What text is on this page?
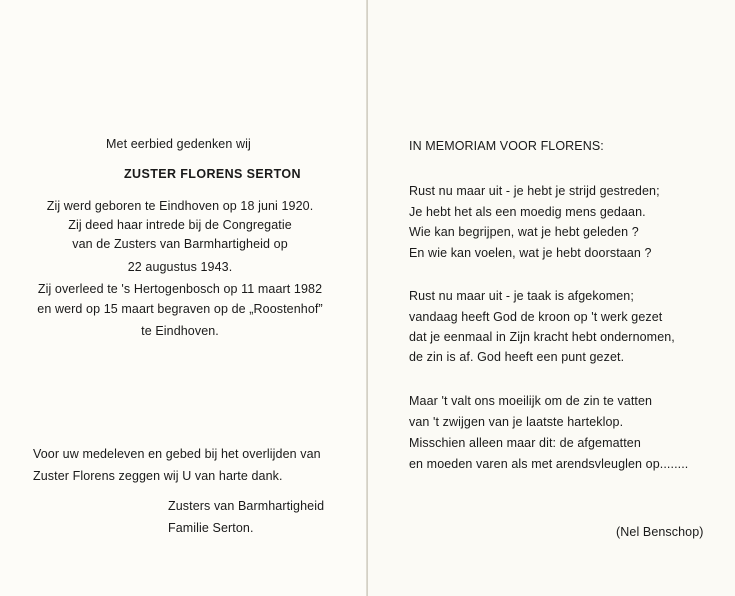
Met eerbied gedenken wij
ZUSTER FLORENS SERTON
Zij werd geboren te Eindhoven op 18 juni 1920.
Zij deed haar intrede bij de Congregatie
van de Zusters van Barmhartigheid op
22 augustus 1943.
Zij overleed te 's Hertogenbosch op 11 maart 1982
en werd op 15 maart begraven op de „Roostenhof”
te Eindhoven.
Voor uw medeleven en gebed bij het overlijden van
Zuster Florens zeggen wij U van harte dank.
Zusters van Barmhartigheid
Familie Serton.
IN MEMORIAM VOOR FLORENS:
Rust nu maar uit - je hebt je strijd gestreden;
Je hebt het als een moedig mens gedaan.
Wie kan begrijpen, wat je hebt geleden ?
En wie kan voelen, wat je hebt doorstaan ?
Rust nu maar uit - je taak is afgekomen;
vandaag heeft God de kroon op 't werk gezet
dat je eenmaal in Zijn kracht hebt ondernomen,
de zin is af. God heeft een punt gezet.
Maar 't valt ons moeilijk om de zin te vatten
van 't zwijgen van je laatste harteklop.
Misschien alleen maar dit: de afgematten
en moeden varen als met arendsvleuglen op........
(Nel Benschop)
